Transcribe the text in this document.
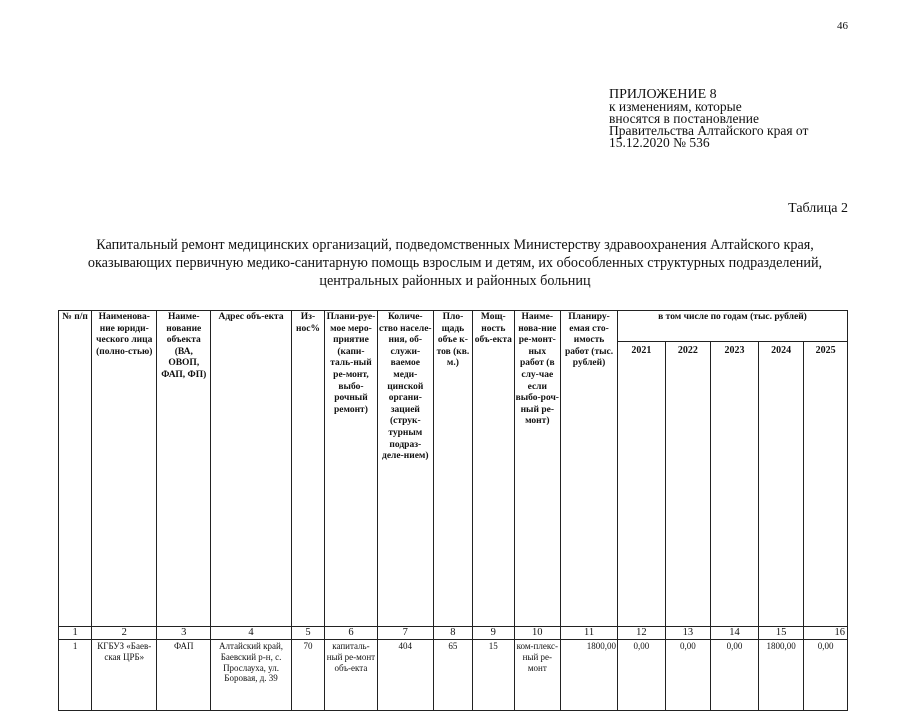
46
ПРИЛОЖЕНИЕ 8
к изменениям, которые
вносятся в постановление
Правительства Алтайского края от
15.12.2020 № 536
Таблица 2
Капитальный ремонт медицинских организаций, подведомственных Министерству здравоохранения Алтайского края,
оказывающих первичную медико-санитарную помощь взрослым и детям, их обособленных структурных подразделений,
центральных районных и районных больниц
№ п/п	Наименова-ние юриди-ческого лица (полно-стью)	Наиме-нование объекта (ВА, ОВОП, ФАП, ФП)	Адрес объ-екта	Из-нос%	Плани-руе-мое меро-приятие (капи-таль-ный ре-монт, выбо-рочный ремонт)	Количе-ство населе-ния, об-служи-ваемое меди-цинской органи-зацией (струк-турным подраз-деле-нием)	Пло-щадь объе к-тов (кв. м.)	Мощ-ность объ-екта	Наиме-нова-ние ре-монт-ных работ (в слу-чае если выбо-роч-ный ре-монт)	Планиру-емая сто-имость работ (тыс. рублей)	в том числе по годам (тыс. рублей)				
											2021	2022	2023	2024	2025
1	2	3	4	5	6	7	8	9	10	11	12	13	14	15	16
1	КГБУЗ «Баев-ская ЦРБ»	ФАП	Алтайский край, Баевский р-н, с. Прослауха, ул. Боровая, д. 39	70	капиталь-ный ре-монт объ-екта	404	65	15	ком-плекс-ный ре-монт	1800,00	0,00	0,00	0,00	1800,00	0,00
